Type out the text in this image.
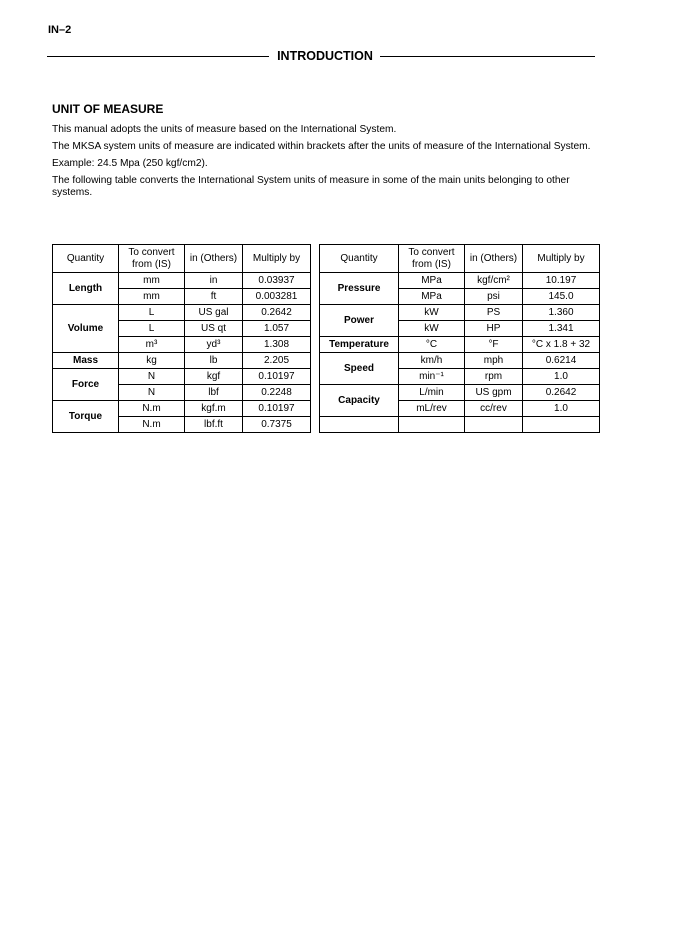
IN–2
INTRODUCTION
UNIT OF MEASURE

This manual adopts the units of measure based on the International System.

The MKSA system units of measure are indicated within brackets after the units of measure of the International System.

Example: 24.5 Mpa (250 kgf/cm2).

The following table converts the International System units of measure in some of the main units belonging to other systems.

Quantity	To convert from (IS)	in (Others)	Multiply by		Quantity	To convert from (IS)	in (Others)	Multiply by
Length	mm	in	0.03937		Pressure	MPa	kgf/cm²	10.197
	mm	ft	0.003281			MPa	psi	145.0
Volume	L	US gal	0.2642		Power	kW	PS	1.360
	L	US qt	1.057			kW	HP	1.341
	m³	yd³	1.308		Temperature	°C	°F	°C x 1.8 + 32
Mass	kg	lb	2.205		Speed	km/h	mph	0.6214
Force	N	kgf	0.10197			min⁻¹	rpm	1.0
	N	lbf	0.2248		Capacity	L/min	US gpm	0.2642
Torque	N.m	kgf.m	0.10197			mL/rev	cc/rev	1.0
	N.m	lbf.ft	0.7375					
